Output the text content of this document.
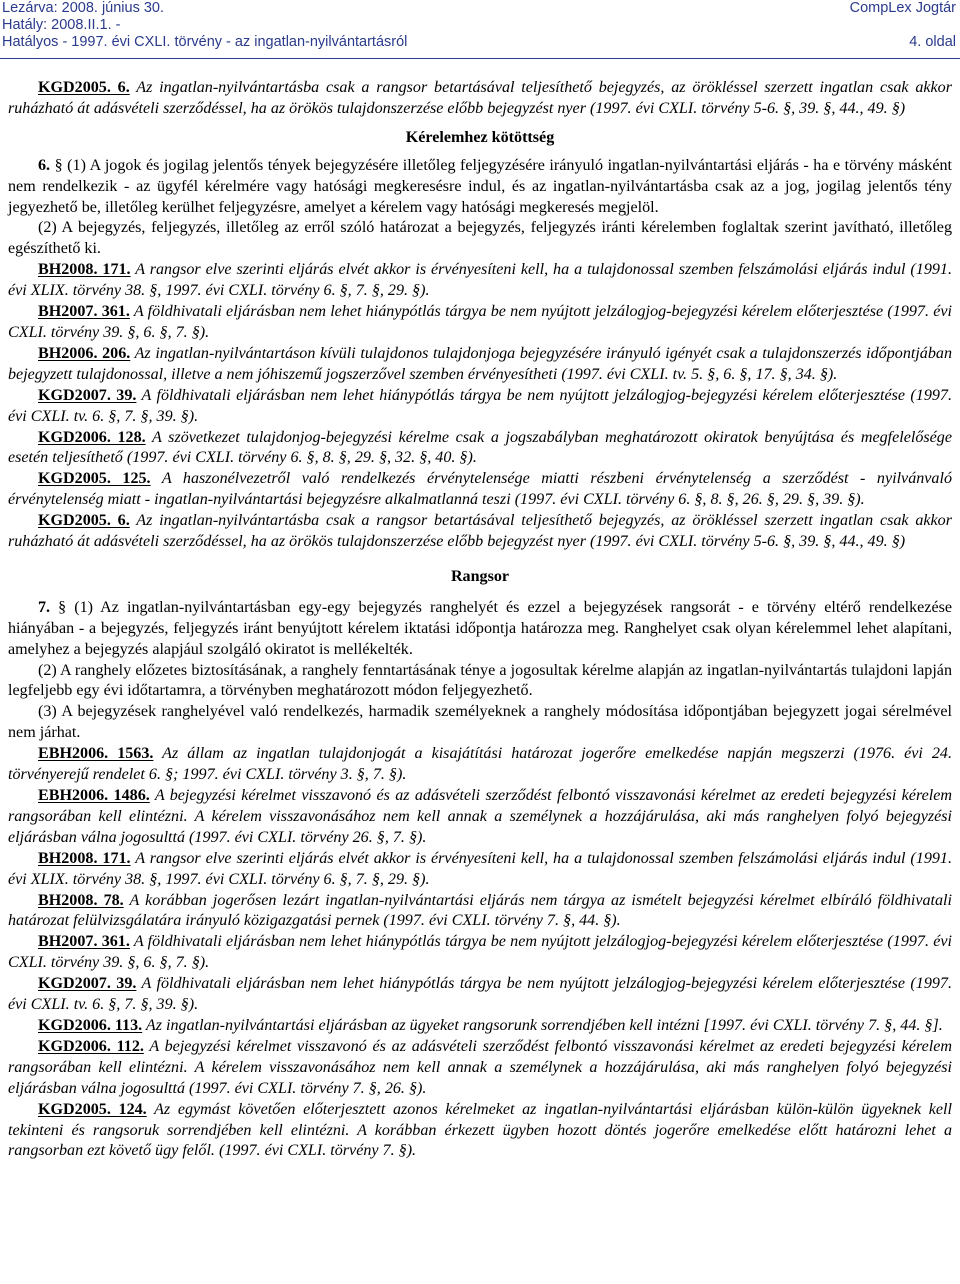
Lezárva: 2008. június 30.
Hatály: 2008.II.1. -
Hatályos - 1997. évi CXLI. törvény - az ingatlan-nyilvántartásról
CompLex Jogtár

4. oldal

KGD2005. 6. Az ingatlan-nyilvántartásba csak a rangsor betartásával teljesíthető bejegyzés, az örökléssel szerzett ingatlan csak akkor ruházható át adásvételi szerződéssel, ha az örökös tulajdonszerzése előbb bejegyzést nyer (1997. évi CXLI. törvény 5-6. §, 39. §, 44., 49. §)

Kérelemhez kötöttség

6. § (1) A jogok és jogilag jelentős tények bejegyzésére illetőleg feljegyzésére irányuló ingatlan-nyilvántartási eljárás - ha e törvény másként nem rendelkezik - az ügyfél kérelmére vagy hatósági megkeresésre indul, és az ingatlan-nyilvántartásba csak az a jog, jogilag jelentős tény jegyezhető be, illetőleg kerülhet feljegyzésre, amelyet a kérelem vagy hatósági megkeresés megjelöl.

(2) A bejegyzés, feljegyzés, illetőleg az erről szóló határozat a bejegyzés, feljegyzés iránti kérelemben foglaltak szerint javítható, illetőleg egészíthető ki.

BH2008. 171. A rangsor elve szerinti eljárás elvét akkor is érvényesíteni kell, ha a tulajdonossal szemben felszámolási eljárás indul (1991. évi XLIX. törvény 38. §, 1997. évi CXLI. törvény 6. §, 7. §, 29. §).

BH2007. 361. A földhivatali eljárásban nem lehet hiánypótlás tárgya be nem nyújtott jelzálogjog-bejegyzési kérelem előterjesztése (1997. évi CXLI. törvény 39. §, 6. §, 7. §).

BH2006. 206. Az ingatlan-nyilvántartáson kívüli tulajdonos tulajdonjoga bejegyzésére irányuló igényét csak a tulajdonszerzés időpontjában bejegyzett tulajdonossal, illetve a nem jóhiszemű jogszerzővel szemben érvényesítheti (1997. évi CXLI. tv. 5. §, 6. §, 17. §, 34. §).

KGD2007. 39. A földhivatali eljárásban nem lehet hiánypótlás tárgya be nem nyújtott jelzálogjog-bejegyzési kérelem előterjesztése (1997. évi CXLI. tv. 6. §, 7. §, 39. §).

KGD2006. 128. A szövetkezet tulajdonjog-bejegyzési kérelme csak a jogszabályban meghatározott okiratok benyújtása és megfelelősége esetén teljesíthető (1997. évi CXLI. törvény 6. §, 8. §, 29. §, 32. §, 40. §).

KGD2005. 125. A haszonélvezetről való rendelkezés érvénytelensége miatti részbeni érvénytelenség a szerződést - nyilvánvaló érvénytelenség miatt - ingatlan-nyilvántartási bejegyzésre alkalmatlanná teszi (1997. évi CXLI. törvény 6. §, 8. §, 26. §, 29. §, 39. §).

KGD2005. 6. Az ingatlan-nyilvántartásba csak a rangsor betartásával teljesíthető bejegyzés, az örökléssel szerzett ingatlan csak akkor ruházható át adásvételi szerződéssel, ha az örökös tulajdonszerzése előbb bejegyzést nyer (1997. évi CXLI. törvény 5-6. §, 39. §, 44., 49. §)

Rangsor

7. § (1) Az ingatlan-nyilvántartásban egy-egy bejegyzés ranghelyét és ezzel a bejegyzések rangsorát - e törvény eltérő rendelkezése hiányában - a bejegyzés, feljegyzés iránt benyújtott kérelem iktatási időpontja határozza meg. Ranghelyet csak olyan kérelemmel lehet alapítani, amelyhez a bejegyzés alapjául szolgáló okiratot is mellékelték.

(2) A ranghely előzetes biztosításának, a ranghely fenntartásának ténye a jogosultak kérelme alapján az ingatlan-nyilvántartás tulajdoni lapján legfeljebb egy évi időtartamra, a törvényben meghatározott módon feljegyezhető.

(3) A bejegyzések ranghelyével való rendelkezés, harmadik személyeknek a ranghely módosítása időpontjában bejegyzett jogai sérelmével nem járhat.

EBH2006. 1563. Az állam az ingatlan tulajdonjogát a kisajátítási határozat jogerőre emelkedése napján megszerzi (1976. évi 24. törvényerejű rendelet 6. §; 1997. évi CXLI. törvény 3. §, 7. §).

EBH2006. 1486. A bejegyzési kérelmet visszavonó és az adásvételi szerződést felbontó visszavonási kérelmet az eredeti bejegyzési kérelem rangsorában kell elintézni. A kérelem visszavonásához nem kell annak a személynek a hozzájárulása, aki más ranghelyen folyó bejegyzési eljárásban válna jogosulttá (1997. évi CXLI. törvény 26. §, 7. §).

BH2008. 171. A rangsor elve szerinti eljárás elvét akkor is érvényesíteni kell, ha a tulajdonossal szemben felszámolási eljárás indul (1991. évi XLIX. törvény 38. §, 1997. évi CXLI. törvény 6. §, 7. §, 29. §).

BH2008. 78. A korábban jogerősen lezárt ingatlan-nyilvántartási eljárás nem tárgya az ismételt bejegyzési kérelmet elbíráló földhivatali határozat felülvizsgálatára irányuló közigazgatási pernek (1997. évi CXLI. törvény 7. §, 44. §).

BH2007. 361. A földhivatali eljárásban nem lehet hiánypótlás tárgya be nem nyújtott jelzálogjog-bejegyzési kérelem előterjesztése (1997. évi CXLI. törvény 39. §, 6. §, 7. §).

KGD2007. 39. A földhivatali eljárásban nem lehet hiánypótlás tárgya be nem nyújtott jelzálogjog-bejegyzési kérelem előterjesztése (1997. évi CXLI. tv. 6. §, 7. §, 39. §).

KGD2006. 113. Az ingatlan-nyilvántartási eljárásban az ügyeket rangsorunk sorrendjében kell intézni [1997. évi CXLI. törvény 7. §, 44. §].

KGD2006. 112. A bejegyzési kérelmet visszavonó és az adásvételi szerződést felbontó visszavonási kérelmet az eredeti bejegyzési kérelem rangsorában kell elintézni. A kérelem visszavonásához nem kell annak a személynek a hozzájárulása, aki más ranghelyen folyó bejegyzési eljárásban válna jogosulttá (1997. évi CXLI. törvény 7. §, 26. §).

KGD2005. 124. Az egymást követően előterjesztett azonos kérelmeket az ingatlan-nyilvántartási eljárásban külön-külön ügyeknek kell tekinteni és rangsoruk sorrendjében kell elintézni. A korábban érkezett ügyben hozott döntés jogerőre emelkedése előtt határozni lehet a rangsorban ezt követő ügy felől. (1997. évi CXLI. törvény 7. §).
